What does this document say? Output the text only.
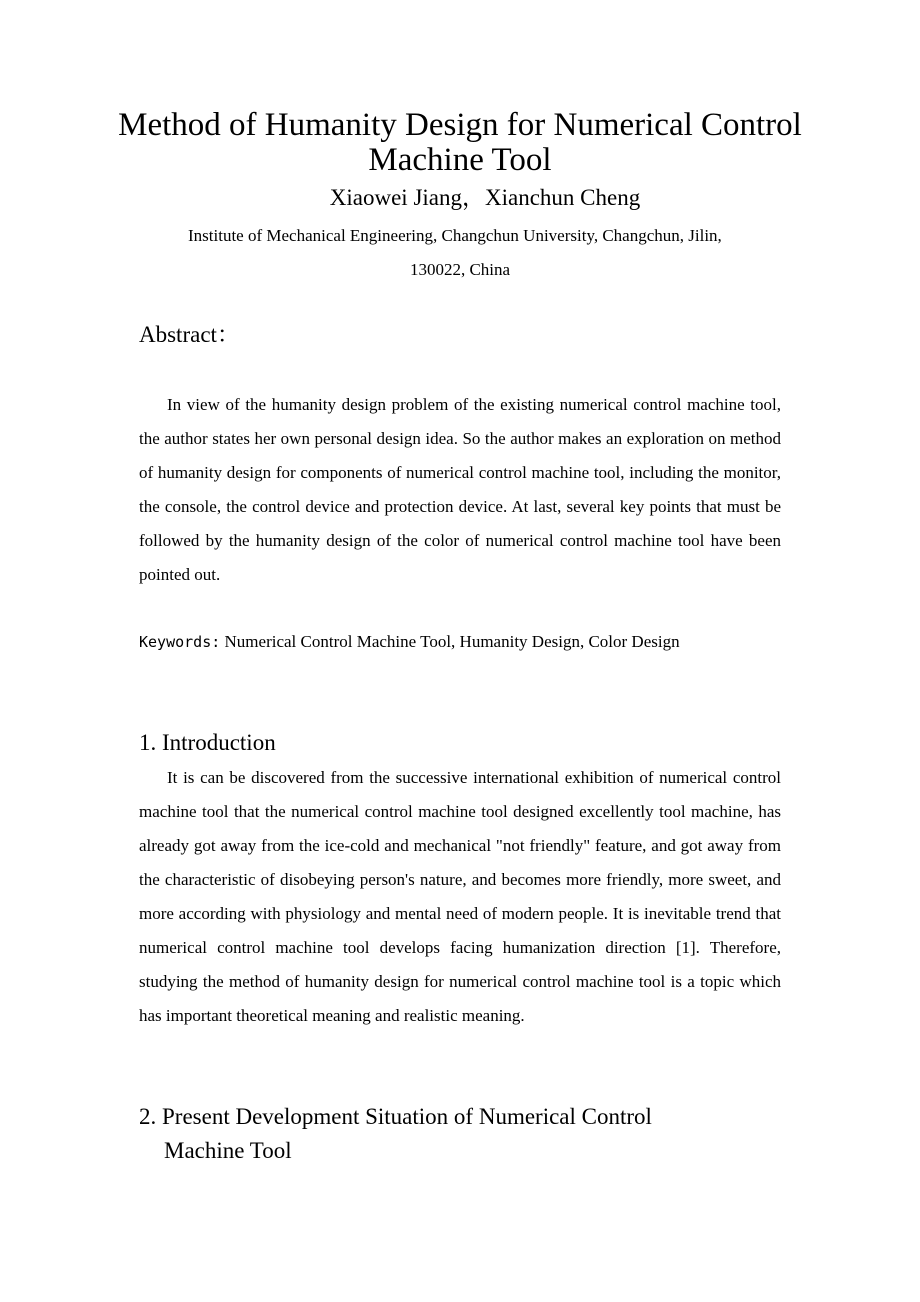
Method of Humanity Design for Numerical Control Machine Tool
Xiaowei Jiang，Xianchun Cheng
Institute of Mechanical Engineering, Changchun University, Changchun, Jilin,
130022, China
Abstract：
In view of the humanity design problem of the existing numerical control machine tool, the author states her own personal design idea. So the author makes an exploration on method of humanity design for components of numerical control machine tool, including the monitor, the console, the control device and protection device. At last, several key points that must be followed by the humanity design of the color of numerical control machine tool have been pointed out.
Keywords: Numerical Control Machine Tool, Humanity Design, Color Design
1. Introduction
It is can be discovered from the successive international exhibition of numerical control machine tool that the numerical control machine tool designed excellently tool machine, has already got away from the ice-cold and mechanical "not friendly" feature, and got away from the characteristic of disobeying person's nature, and becomes more friendly, more sweet, and more according with physiology and mental need of modern people. It is inevitable trend that numerical control machine tool develops facing humanization direction [1]. Therefore, studying the method of humanity design for numerical control machine tool is a topic which has important theoretical meaning and realistic meaning.
2. Present Development Situation of Numerical Control
Machine Tool
